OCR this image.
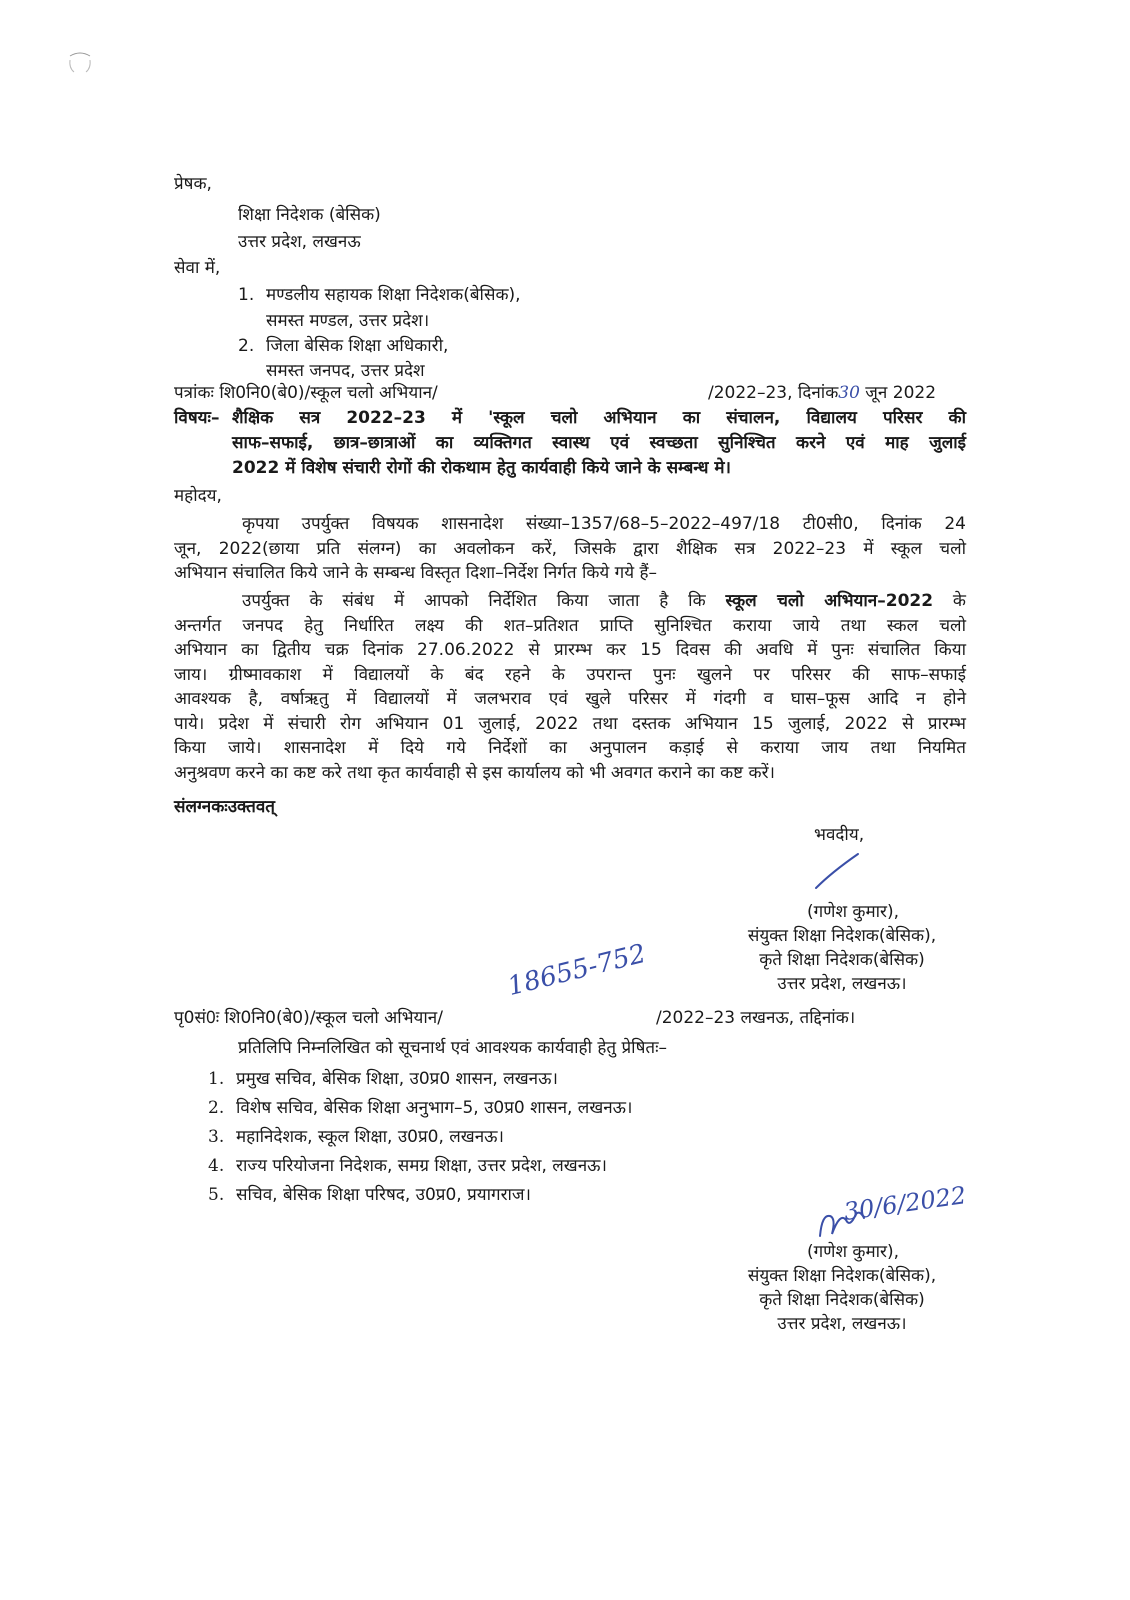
प्रेषक,
शिक्षा निदेशक (बेसिक)
उत्तर प्रदेश, लखनऊ
सेवा में,
1. मण्डलीय सहायक शिक्षा निदेशक(बेसिक),
समस्त मण्डल, उत्तर प्रदेश।
2. जिला बेसिक शिक्षा अधिकारी,
समस्त जनपद, उत्तर प्रदेश
पत्रांकः शि0नि0(बे0)/स्कूल चलो अभियान/	/2022–23, दिनांक30 जून 2022
विषयः– शैक्षिक सत्र 2022–23 में 'स्कूल चलो अभियान का संचालन, विद्यालय परिसर की
साफ–सफाई, छात्र–छात्राओं का व्यक्तिगत स्वास्थ एवं स्वच्छता सुनिश्चित करने एवं माह जुलाई
2022 में विशेष संचारी रोगों की रोकथाम हेतु कार्यवाही किये जाने के सम्बन्ध मे।
महोदय,
कृपया उपर्युक्त विषयक शासनादेश संख्या–1357/68–5–2022–497/18 टी0सी0, दिनांक 24
जून, 2022(छाया प्रति संलग्न) का अवलोकन करें, जिसके द्वारा शैक्षिक सत्र 2022–23 में स्कूल चलो
अभियान संचालित किये जाने के सम्बन्ध विस्तृत दिशा–निर्देश निर्गत किये गये हैं–
उपर्युक्त के संबंध में आपको निर्देशित किया जाता है कि स्कूल चलो अभियान–2022 के
अन्तर्गत जनपद हेतु निर्धारित लक्ष्य की शत–प्रतिशत प्राप्ति सुनिश्चित कराया जाये तथा स्कल चलो
अभियान का द्वितीय चक्र दिनांक 27.06.2022 से प्रारम्भ कर 15 दिवस की अवधि में पुनः संचालित किया
जाय। ग्रीष्मावकाश में विद्यालयों के बंद रहने के उपरान्त पुनः खुलने पर परिसर की साफ–सफाई
आवश्यक है, वर्षाऋतु में विद्यालयों में जलभराव एवं खुले परिसर में गंदगी व घास–फूस आदि न होने
पाये। प्रदेश में संचारी रोग अभियान 01 जुलाई, 2022 तथा दस्तक अभियान 15 जुलाई, 2022 से प्रारम्भ
किया जाये। शासनादेश में दिये गये निर्देशों का अनुपालन कड़ाई से कराया जाय तथा नियमित
अनुश्रवण करने का कष्ट करे तथा कृत कार्यवाही से इस कार्यालय को भी अवगत कराने का कष्ट करें।
संलग्नकःउक्तवत्
भवदीय,
(गणेश कुमार),
संयुक्त शिक्षा निदेशक(बेसिक),
कृते शिक्षा निदेशक(बेसिक)
उत्तर प्रदेश, लखनऊ।
पृ0सं0ः शि0नि0(बे0)/स्कूल चलो अभियान/
18655-752
/2022–23 लखनऊ, तद्दिनांक।
प्रतिलिपि निम्नलिखित को सूचनार्थ एवं आवश्यक कार्यवाही हेतु प्रेषितः–
1. प्रमुख सचिव, बेसिक शिक्षा, उ0प्र0 शासन, लखनऊ।
2. विशेष सचिव, बेसिक शिक्षा अनुभाग–5, उ0प्र0 शासन, लखनऊ।
3. महानिदेशक, स्कूल शिक्षा, उ0प्र0, लखनऊ।
4. राज्य परियोजना निदेशक, समग्र शिक्षा, उत्तर प्रदेश, लखनऊ।
5. सचिव, बेसिक शिक्षा परिषद, उ0प्र0, प्रयागराज।	30/6/2022
(गणेश कुमार),
संयुक्त शिक्षा निदेशक(बेसिक),
कृते शिक्षा निदेशक(बेसिक)
उत्तर प्रदेश, लखनऊ।
